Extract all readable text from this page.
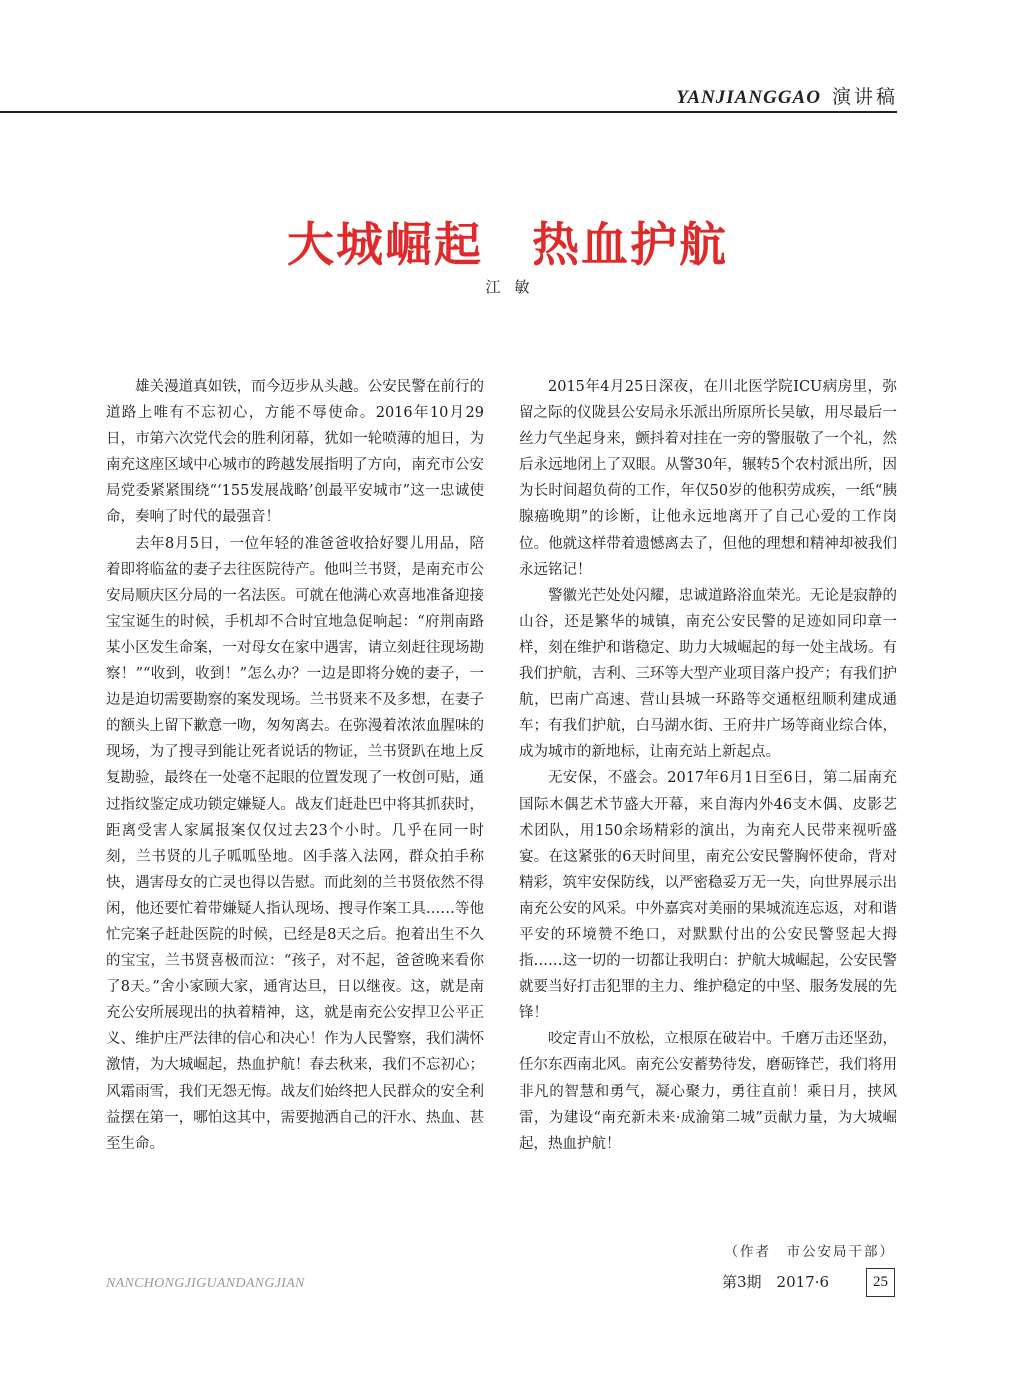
YANJIANGGAO 演讲稿
大城崛起　热血护航
江敏

雄关漫道真如铁，而今迈步从头越。公安民警在前行的道路上唯有不忘初心，方能不辱使命。2016年10月29日，市第六次党代会的胜利闭幕，犹如一轮喷薄的旭日，为南充这座区域中心城市的跨越发展指明了方向，南充市公安局党委紧紧围绕“‘155发展战略’创最平安城市”这一忠诚使命，奏响了时代的最强音！

去年8月5日，一位年轻的准爸爸收拾好婴儿用品，陪着即将临盆的妻子去往医院待产。他叫兰书贤，是南充市公安局顺庆区分局的一名法医。可就在他满心欢喜地准备迎接宝宝诞生的时候，手机却不合时宜地急促响起：“府荆南路某小区发生命案，一对母女在家中遇害，请立刻赶往现场勘察！”“收到，收到！”怎么办？一边是即将分娩的妻子，一边是迫切需要勘察的案发现场。兰书贤来不及多想，在妻子的额头上留下歉意一吻，匆匆离去。在弥漫着浓浓血腥味的现场，为了搜寻到能让死者说话的物证，兰书贤趴在地上反复勘验，最终在一处毫不起眼的位置发现了一枚创可贴，通过指纹鉴定成功锁定嫌疑人。战友们赶赴巴中将其抓获时，距离受害人家属报案仅仅过去23个小时。几乎在同一时刻，兰书贤的儿子呱呱坠地。凶手落入法网，群众拍手称快，遇害母女的亡灵也得以告慰。而此刻的兰书贤依然不得闲，他还要忙着带嫌疑人指认现场、搜寻作案工具……等他忙完案子赶赴医院的时候，已经是8天之后。抱着出生不久的宝宝，兰书贤喜极而泣：“孩子，对不起，爸爸晚来看你了8天。”舍小家顾大家，通宵达旦，日以继夜。这，就是南充公安所展现出的执着精神，这，就是南充公安捍卫公平正义、维护庄严法律的信心和决心！作为人民警察，我们满怀激情，为大城崛起，热血护航！春去秋来，我们不忘初心；风霜雨雪，我们无怨无悔。战友们始终把人民群众的安全利益摆在第一，哪怕这其中，需要抛洒自己的汗水、热血、甚至生命。

2015年4月25日深夜，在川北医学院ICU病房里，弥留之际的仪陇县公安局永乐派出所原所长吴敏，用尽最后一丝力气坐起身来，颤抖着对挂在一旁的警服敬了一个礼，然后永远地闭上了双眼。从警30年，辗转5个农村派出所，因为长时间超负荷的工作，年仅50岁的他积劳成疾，一纸“胰腺癌晚期”的诊断，让他永远地离开了自己心爱的工作岗位。他就这样带着遗憾离去了，但他的理想和精神却被我们永远铭记！

警徽光芒处处闪耀，忠诚道路浴血荣光。无论是寂静的山谷，还是繁华的城镇，南充公安民警的足迹如同印章一样，刻在维护和谐稳定、助力大城崛起的每一处主战场。有我们护航，吉利、三环等大型产业项目落户投产；有我们护航，巴南广高速、营山县城一环路等交通枢纽顺利建成通车；有我们护航，白马湖水街、王府井广场等商业综合体，成为城市的新地标，让南充站上新起点。

无安保，不盛会。2017年6月1日至6日，第二届南充国际木偶艺术节盛大开幕，来自海内外46支木偶、皮影艺术团队，用150余场精彩的演出，为南充人民带来视听盛宴。在这紧张的6天时间里，南充公安民警胸怀使命，背对精彩，筑牢安保防线，以严密稳妥万无一失，向世界展示出南充公安的风采。中外嘉宾对美丽的果城流连忘返，对和谐平安的环境赞不绝口，对默默付出的公安民警竖起大拇指……这一切的一切都让我明白：护航大城崛起，公安民警就要当好打击犯罪的主力、维护稳定的中坚、服务发展的先锋！

咬定青山不放松，立根原在破岩中。千磨万击还坚劲，任尔东西南北风。南充公安蓄势待发，磨砺锋芒，我们将用非凡的智慧和勇气，凝心聚力，勇往直前！乘日月，挟风雷，为建设“南充新未来·成渝第二城”贡献力量，为大城崛起，热血护航！

（作者　市公安局干部）
NANCHONGJIGUANDANGJIAN	第3期　2017·6	25
